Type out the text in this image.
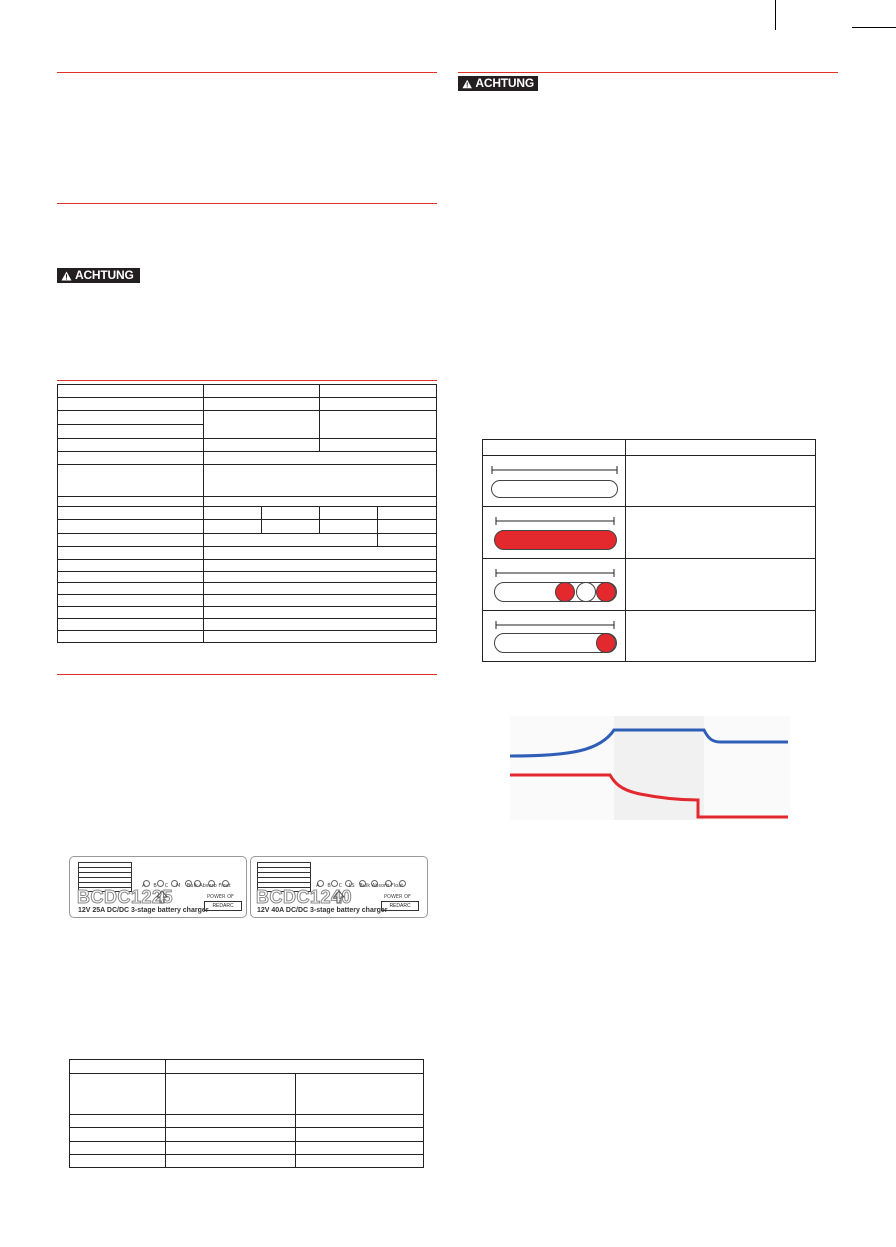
ACHTUNG
ACHTUNG
A     B     C     M    Bulk Absorb Float
BCDC1225
12V 25A DC/DC 3-stage battery charger
POWER OF
REDARC
A     B     C    LS   Bulk Absorb Float
BCDC1240
12V 40A DC/DC 3-stage battery charger
POWER OF
REDARC
